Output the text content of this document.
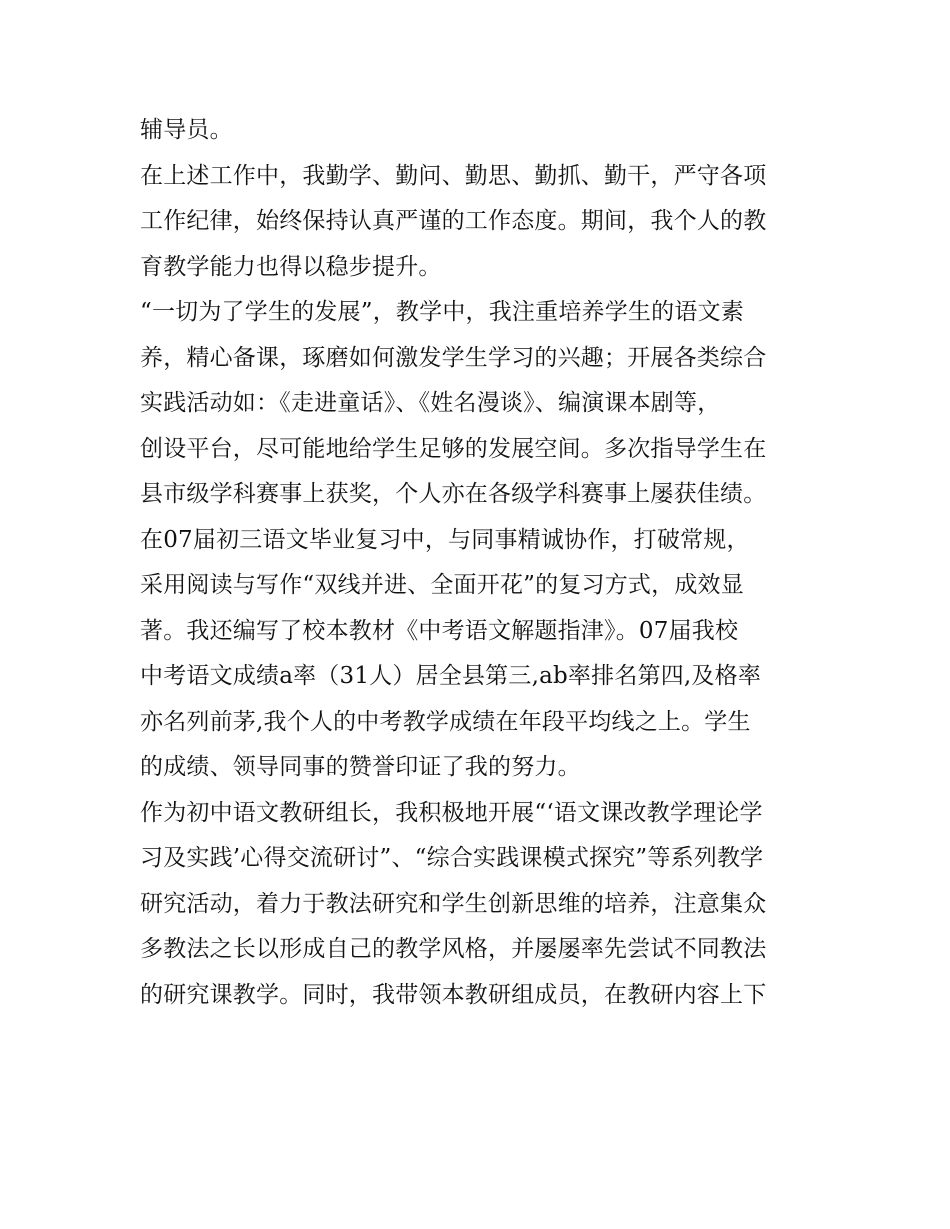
辅导员。
在上述工作中，我勤学、勤问、勤思、勤抓、勤干，严守各项
工作纪律，始终保持认真严谨的工作态度。期间，我个人的教
育教学能力也得以稳步提升。
“一切为了学生的发展”，教学中，我注重培养学生的语文素
养，精心备课，琢磨如何激发学生学习的兴趣；开展各类综合
实践活动如：《走进童话》、《姓名漫谈》、编演课本剧等，
创设平台，尽可能地给学生足够的发展空间。多次指导学生在
县市级学科赛事上获奖，个人亦在各级学科赛事上屡获佳绩。
在07届初三语文毕业复习中，与同事精诚协作，打破常规，
采用阅读与写作“双线并进、全面开花”的复习方式，成效显
著。我还编写了校本教材《中考语文解题指津》。07届我校
中考语文成绩a率（31人）居全县第三,ab率排名第四,及格率
亦名列前茅,我个人的中考教学成绩在年段平均线之上。学生
的成绩、领导同事的赞誉印证了我的努力。
作为初中语文教研组长，我积极地开展“‘语文课改教学理论学
习及实践’心得交流研讨”、“综合实践课模式探究”等系列教学
研究活动，着力于教法研究和学生创新思维的培养，注意集众
多教法之长以形成自己的教学风格，并屡屡率先尝试不同教法
的研究课教学。同时，我带领本教研组成员，在教研内容上下
